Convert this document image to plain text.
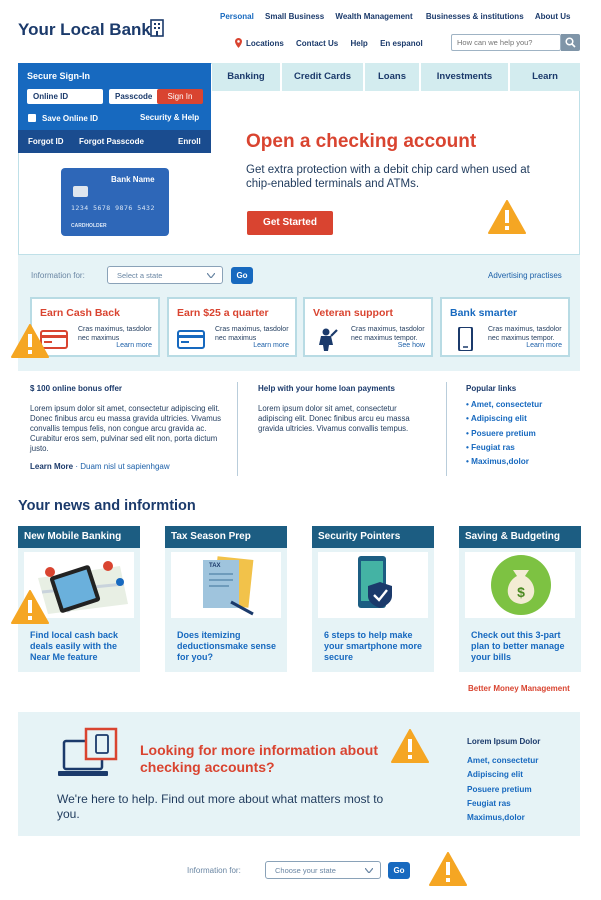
Your Local Bank
Personal Small Business Wealth Management Businesses & institutions About Us
Locations Contact Us Help En espanol
How can we help you?
Banking	Credit Cards	Loans	Investments	Learn
Secure Sign-In
Online ID	Passcode	Sign In
Save Online ID	Security & Help
Forgot ID Forgot Passcode	Enroll
Bank Name
1234 5678 9876 5432
CARDHOLDER
Open a checking account
Get extra protection with a debit chip card when used at chip-enabled terminals and ATMs.
Get Started
Information for:	Select a state	Go	Advertising practises
Earn Cash Back
Cras maximus, tasdolor nec maximus
Learn more
Earn $25 a quarter
Cras maximus, tasdolor nec maximus
Learn more
Veteran support
Cras maximus, tasdolor nec maximus tempor.
See how
Bank smarter
Cras maximus, tasdolor nec maximus tempor.
Learn more
$ 100 online bonus offer
Lorem ipsum dolor sit amet, consectetur adipiscing elit. Donec finibus arcu eu massa gravida ultricies. Vivamus convallis tempus felis, non congue arcu gravida ac. Curabitur eros sem, pulvinar sed elit non, porta dictum justo.
Learn More · Duam nisl ut sapienhgaw
Help with your home loan payments
Lorem ipsum dolor sit amet, consectetur adipiscing elit. Donec finibus arcu eu massa gravida ultricies. Vivamus convallis tempus.
Popular links
• Amet, consectetur
• Adipiscing elit
• Posuere pretium
• Feugiat ras
• Maximus,dolor
Your news and informtion
New Mobile Banking
Find local cash back deals easily with the Near Me feature
Tax Season Prep
TAX
Does itemizing deductionsmake sense for you?
Security Pointers
6 steps to help make your smartphone more secure
Saving & Budgeting
$
Check out this 3-part plan to better manage your bills
Better Money Management
Looking for more information about checking accounts?
We're here to help. Find out more about what matters most to you.
Lorem Ipsum Dolor
Amet, consectetur
Adipiscing elit
Posuere pretium
Feugiat ras
Maximus,dolor
Information for:	Choose your state	Go
